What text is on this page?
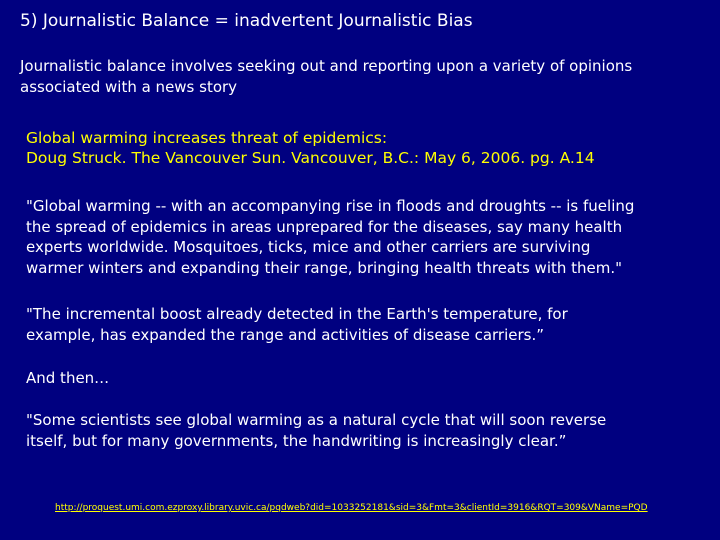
5) Journalistic Balance = inadvertent Journalistic Bias
Journalistic balance involves seeking out and reporting upon a variety of opinions
associated with a news story
Global warming increases threat of epidemics:
Doug Struck. The Vancouver Sun. Vancouver, B.C.: May 6, 2006. pg. A.14
"Global warming -- with an accompanying rise in floods and droughts -- is fueling
the spread of epidemics in areas unprepared for the diseases, say many health
experts worldwide. Mosquitoes, ticks, mice and other carriers are surviving
warmer winters and expanding their range, bringing health threats with them."
"The incremental boost already detected in the Earth's temperature, for
example, has expanded the range and activities of disease carriers.”
And then…
"Some scientists see global warming as a natural cycle that will soon reverse
itself, but for many governments, the handwriting is increasingly clear.”
http://proquest.umi.com.ezproxy.library.uvic.ca/pqdweb?did=1033252181&sid=3&Fmt=3&clientId=3916&RQT=309&VName=PQD
